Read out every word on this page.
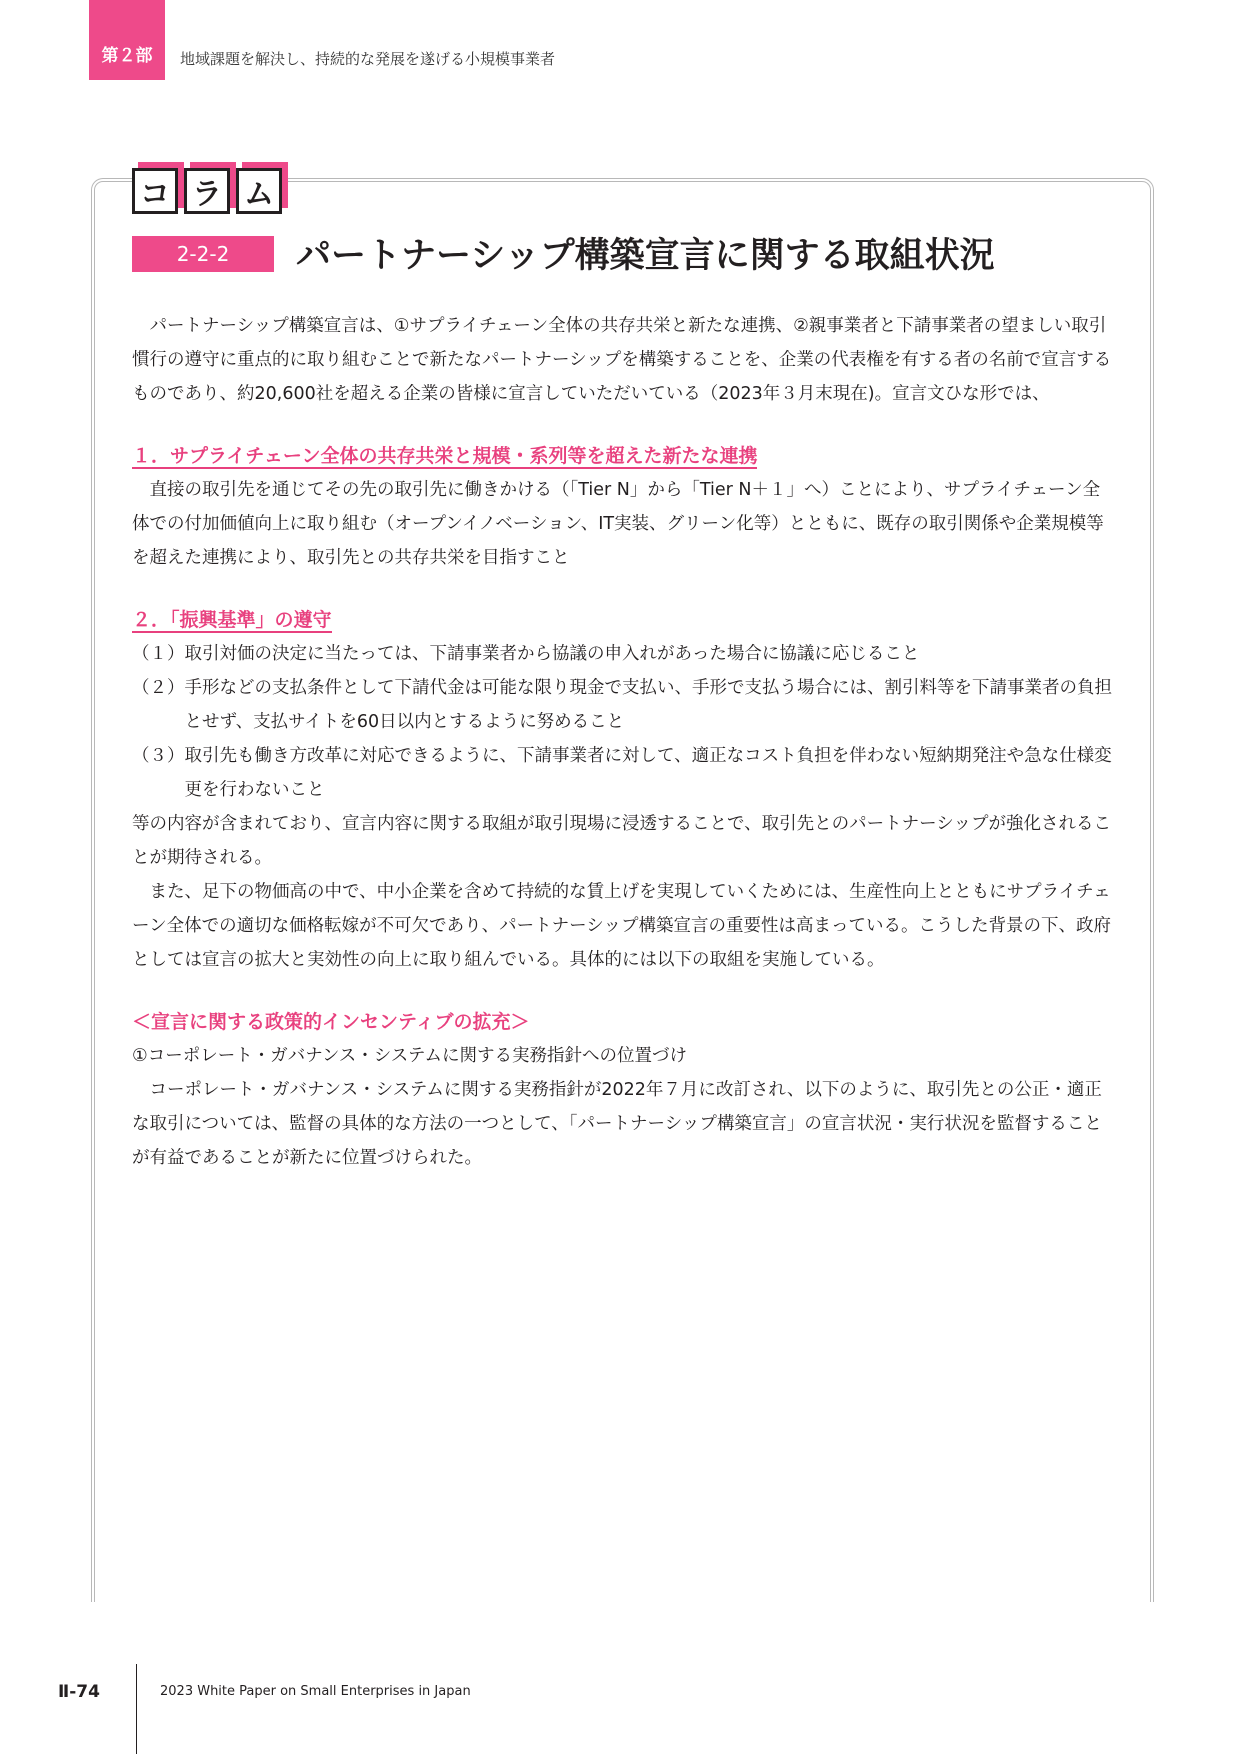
第２部	地域課題を解決し、持続的な発展を遂げる小規模事業者
コ ラ ム
2-2-2	パートナーシップ構築宣言に関する取組状況

パートナーシップ構築宣言は、①サプライチェーン全体の共存共栄と新たな連携、②親事業者と下請事業者の望ましい取引慣行の遵守に重点的に取り組むことで新たなパートナーシップを構築することを、企業の代表権を有する者の名前で宣言するものであり、約20,600社を超える企業の皆様に宣言していただいている（2023年３月末現在)。宣言文ひな形では、

１．サプライチェーン全体の共存共栄と規模・系列等を超えた新たな連携

直接の取引先を通じてその先の取引先に働きかける（「Tier N」から「Tier N＋１」へ）ことにより、サプライチェーン全体での付加価値向上に取り組む（オープンイノベーション、IT実装、グリーン化等）とともに、既存の取引関係や企業規模等を超えた連携により、取引先との共存共栄を目指すこと

２．「振興基準」の遵守

（１）取引対価の決定に当たっては、下請事業者から協議の申入れがあった場合に協議に応じること

（２）手形などの支払条件として下請代金は可能な限り現金で支払い、手形で支払う場合には、割引料等を下請事業者の負担とせず、支払サイトを60日以内とするように努めること

（３）取引先も働き方改革に対応できるように、下請事業者に対して、適正なコスト負担を伴わない短納期発注や急な仕様変更を行わないこと

等の内容が含まれており、宣言内容に関する取組が取引現場に浸透することで、取引先とのパートナーシップが強化されることが期待される。

また、足下の物価高の中で、中小企業を含めて持続的な賃上げを実現していくためには、生産性向上とともにサプライチェーン全体での適切な価格転嫁が不可欠であり、パートナーシップ構築宣言の重要性は高まっている。こうした背景の下、政府としては宣言の拡大と実効性の向上に取り組んでいる。具体的には以下の取組を実施している。

＜宣言に関する政策的インセンティブの拡充＞

①コーポレート・ガバナンス・システムに関する実務指針への位置づけ

コーポレート・ガバナンス・システムに関する実務指針が2022年７月に改訂され、以下のように、取引先との公正・適正な取引については、監督の具体的な方法の一つとして、「パートナーシップ構築宣言」の宣言状況・実行状況を監督することが有益であることが新たに位置づけられた。

Ⅱ-74	2023 White Paper on Small Enterprises in Japan
